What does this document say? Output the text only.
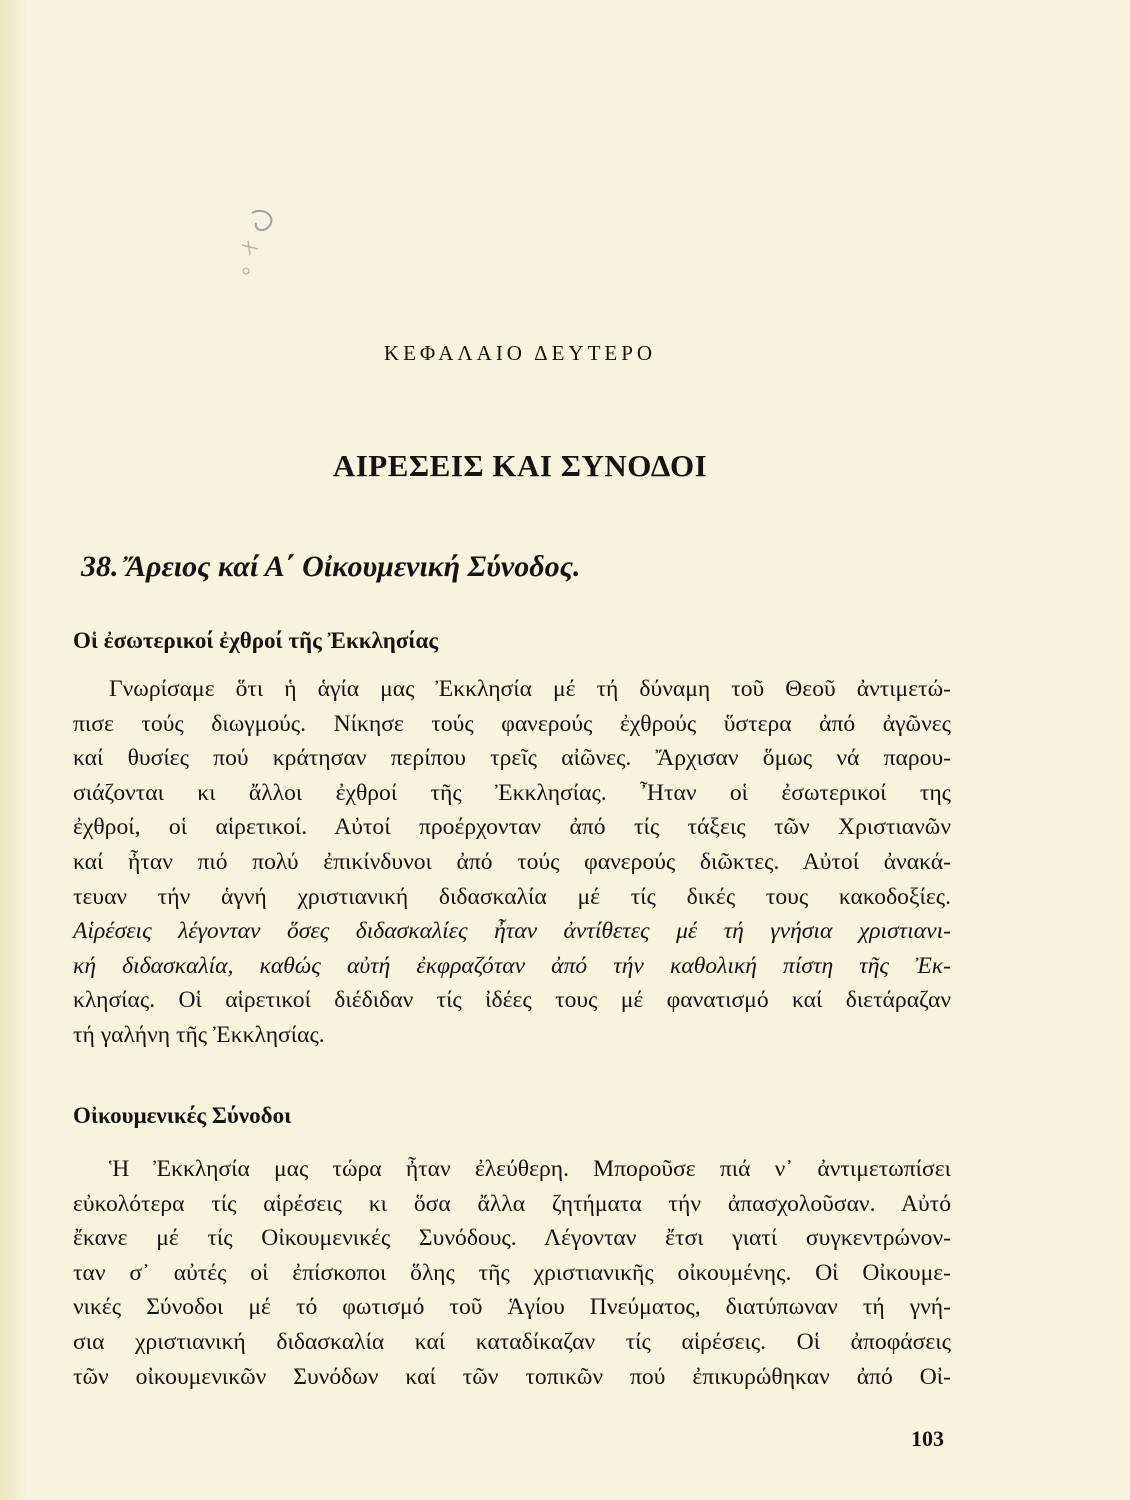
ΚΕΦΑΛΑΙΟ ΔΕΥΤΕΡΟ
ΑΙΡΕΣΕΙΣ ΚΑΙ ΣΥΝΟΔΟΙ
38. Ἄρειος καί Α΄ Οἰκουμενική Σύνοδος.
Οἱ ἐσωτερικοί ἐχθροί τῆς Ἐκκλησίας
Γνωρίσαμε ὅτι ἡ ἁγία μας Ἐκκλησία μέ τή δύναμη τοῦ Θεοῦ ἀντιμετώ-
πισε τούς διωγμούς. Νίκησε τούς φανερούς ἐχθρούς ὕστερα ἀπό ἀγῶνες
καί θυσίες πού κράτησαν περίπου τρεῖς αἰῶνες. Ἄρχισαν ὅμως νά παρου-
σιάζονται κι ἄλλοι ἐχθροί τῆς Ἐκκλησίας. Ἦταν οἱ ἐσωτερικοί της
ἐχθροί, οἱ αἱρετικοί. Αὐτοί προέρχονταν ἀπό τίς τάξεις τῶν Χριστιανῶν
καί ἦταν πιό πολύ ἐπικίνδυνοι ἀπό τούς φανερούς διῶκτες. Αὐτοί ἀνακά-
τευαν τήν ἁγνή χριστιανική διδασκαλία μέ τίς δικές τους κακοδοξίες.
Αἱρέσεις λέγονταν ὅσες διδασκαλίες ἦταν ἀντίθετες μέ τή γνήσια χριστιανι-
κή διδασκαλία, καθώς αὐτή ἐκφραζόταν ἀπό τήν καθολική πίστη τῆς Ἐκ-
κλησίας. Οἱ αἱρετικοί διέδιδαν τίς ἰδέες τους μέ φανατισμό καί διετάραζαν
τή γαλήνη τῆς Ἐκκλησίας.
Οἰκουμενικές Σύνοδοι
Ἡ Ἐκκλησία μας τώρα ἦταν ἐλεύθερη. Μποροῦσε πιά ν᾽ ἀντιμετωπίσει
εὐκολότερα τίς αἱρέσεις κι ὅσα ἄλλα ζητήματα τήν ἀπασχολοῦσαν. Αὐτό
ἔκανε μέ τίς Οἰκουμενικές Συνόδους. Λέγονταν ἔτσι γιατί συγκεντρώνον-
ταν σ᾽ αὐτές οἱ ἐπίσκοποι ὅλης τῆς χριστιανικῆς οἰκουμένης. Οἱ Οἰκουμε-
νικές Σύνοδοι μέ τό φωτισμό τοῦ Ἁγίου Πνεύματος, διατύπωναν τή γνή-
σια χριστιανική διδασκαλία καί καταδίκαζαν τίς αἱρέσεις. Οἱ ἀποφάσεις
τῶν οἰκουμενικῶν Συνόδων καί τῶν τοπικῶν πού ἐπικυρώθηκαν ἀπό Οἰ-
103
